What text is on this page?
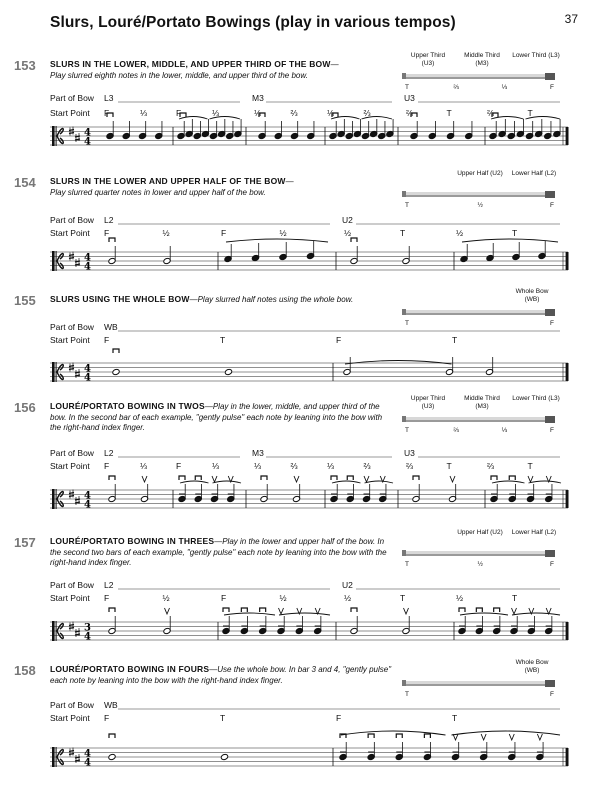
Slurs, Louré/Portato Bowings (play in various tempos)	37
153 SLURS IN THE LOWER, MIDDLE, AND UPPER THIRD OF THE BOW—
Play slurred eighth notes in the lower, middle, and upper third of the bow.
Upper Third (U3)
Middle Third (M3)
Lower Third (L3)
T	⅔	⅓	F
Part of Bow
Start Point
L3
F	⅓	F	⅓
M3
⅓	⅔	⅓	⅔
U3
⅔	T	⅔	T
154 SLURS IN THE LOWER AND UPPER HALF OF THE BOW—
Play slurred quarter notes in lower and upper half of the bow.
Upper Half (U2) Lower Half (L2)
T	½	F
Part of Bow
Start Point
L2
F	½	F	½
U2
½	T	½	T
155 SLURS USING THE WHOLE BOW—Play slurred half notes using the whole bow.
Whole Bow (WB)
T	F
Part of Bow
Start Point
WB
F	T	F	T
156 LOURÉ/PORTATO BOWING IN TWOS—Play in the lower, middle, and upper third of the bow. In the second bar of each example, "gently pulse" each note by leaning into the bow with the right-hand index finger.
Upper Third (U3)
Middle Third (M3)
Lower Third (L3)
T	⅔	⅓	F
Part of Bow
Start Point
L2
F	⅓	F	⅓
M3
⅓	⅔	⅓	⅔
U3
⅔	T	⅔	T
157 LOURÉ/PORTATO BOWING IN THREES—Play in the lower and upper half of the bow. In the second two bars of each example, "gently pulse" each note by leaning into the bow with the right-hand index finger.
Upper Half (U2) Lower Half (L2)
T	½	F
Part of Bow
Start Point
L2
F	½	F	½
U2
½	T	½	T
158 LOURÉ/PORTATO BOWING IN FOURS—Use the whole bow. In bar 3 and 4, "gently pulse" each note by leaning into the bow with the right-hand index finger.
Whole Bow (WB)
T	F
Part of Bow
Start Point
WB
F	T	F	T
4
4
4
4
4
4
4
4
3
4
4
4
